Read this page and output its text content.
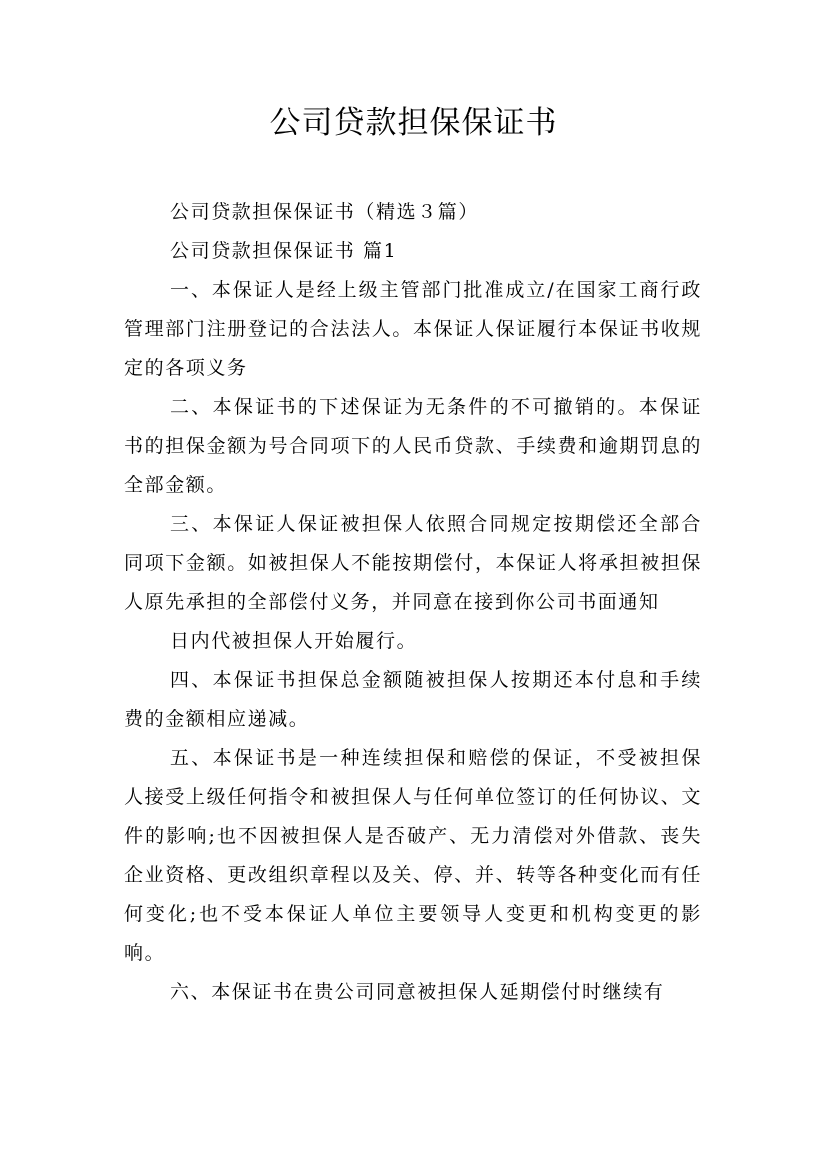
公司贷款担保保证书

公司贷款担保保证书（精选３篇）

公司贷款担保保证书 篇1

一、本保证人是经上级主管部门批准成立/在国家工商行政管理部门注册登记的合法法人。本保证人保证履行本保证书收规定的各项义务

二、本保证书的下述保证为无条件的不可撤销的。本保证书的担保金额为号合同项下的人民币贷款、手续费和逾期罚息的全部金额。

三、本保证人保证被担保人依照合同规定按期偿还全部合同项下金额。如被担保人不能按期偿付，本保证人将承担被担保人原先承担的全部偿付义务，并同意在接到你公司书面通知

日内代被担保人开始履行。

四、本保证书担保总金额随被担保人按期还本付息和手续费的金额相应递减。

五、本保证书是一种连续担保和赔偿的保证，不受被担保人接受上级任何指令和被担保人与任何单位签订的任何协议、文件的影响;也不因被担保人是否破产、无力清偿对外借款、丧失企业资格、更改组织章程以及关、停、并、转等各种变化而有任何变化;也不受本保证人单位主要领导人变更和机构变更的影响。

六、本保证书在贵公司同意被担保人延期偿付时继续有
